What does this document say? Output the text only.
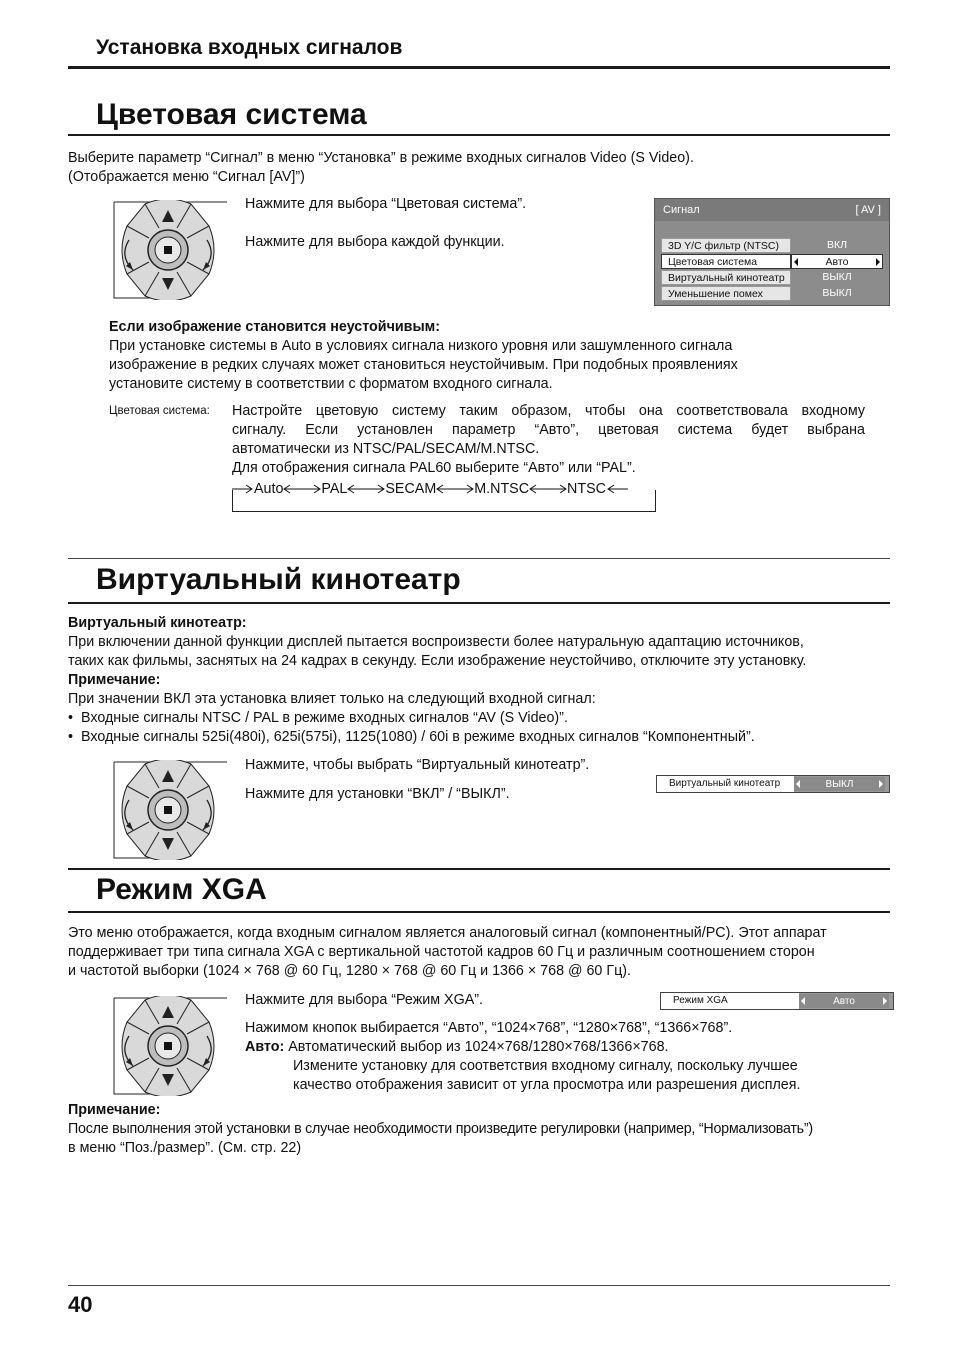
Установка входных сигналов
Цветовая система
Выберите параметр “Сигнал” в меню “Установка” в режиме входных сигналов Video (S Video).
(Отображается меню “Сигнал [AV]”)
Нажмите для выбора “Цветовая система”.
Нажмите для выбора каждой функции.
Сигнал	[ AV ]
3D Y/C фильтр (NTSC)	ВКЛ
Цветовая система	Авто
Виртуальный кинотеатр	ВЫКЛ
Уменьшение помех	ВЫКЛ
Если изображение становится неустойчивым:
При установке системы в Auto в условиях сигнала низкого уровня или зашумленного сигнала
изображение в редких случаях может становиться неустойчивым. При подобных проявлениях
установите систему в соответствии с форматом входного сигнала.
Цветовая система: Настройте цветовую систему таким образом, чтобы она соответствовала входному
сигналу. Если установлен параметр “Авто”, цветовая система будет выбрана
автоматически из NTSC/PAL/SECAM/M.NTSC.
Для отображения сигнала PAL60 выберите “Авто” или “PAL”.
Auto	PAL	SECAM	M.NTSC	NTSC
Виртуальный кинотеатр
Виртуальный кинотеатр:
При включении данной функции дисплей пытается воспроизвести более натуральную адаптацию источников,
таких как фильмы, заснятых на 24 кадрах в секунду. Если изображение неустойчиво, отключите эту установку.
Примечание:
При значении ВКЛ эта установка влияет только на следующий входной сигнал:
•  Входные сигналы NTSC / PAL в режиме входных сигналов “AV (S Video)”.
•  Входные сигналы 525i(480i), 625i(575i), 1125(1080) / 60i в режиме входных сигналов “Компонентный”.
Нажмите, чтобы выбрать “Виртуальный кинотеатр”.
Нажмите для установки “ВКЛ” / “ВЫКЛ”.
Виртуальный кинотеатр	ВЫКЛ
Режим XGA
Это меню отображается, когда входным сигналом является аналоговый сигнал (компонентный/PC). Этот аппарат
поддерживает три типа сигнала XGA с вертикальной частотой кадров 60 Гц и различным соотношением сторон
и частотой выборки (1024 × 768 @ 60 Гц, 1280 × 768 @ 60 Гц и 1366 × 768 @ 60 Гц).
Нажмите для выбора “Режим XGA”.
Нажимом кнопок выбирается “Авто”, “1024×768”, “1280×768”, “1366×768”.
Авто: Автоматический выбор из 1024×768/1280×768/1366×768.
Измените установку для соответствия входному сигналу, поскольку лучшее
качество отображения зависит от угла просмотра или разрешения дисплея.
Режим XGA	Авто
Примечание:
После выполнения этой установки в случае необходимости произведите регулировки (например, “Нормализовать”)
в меню “Поз./размер”. (См. стр. 22)
40
